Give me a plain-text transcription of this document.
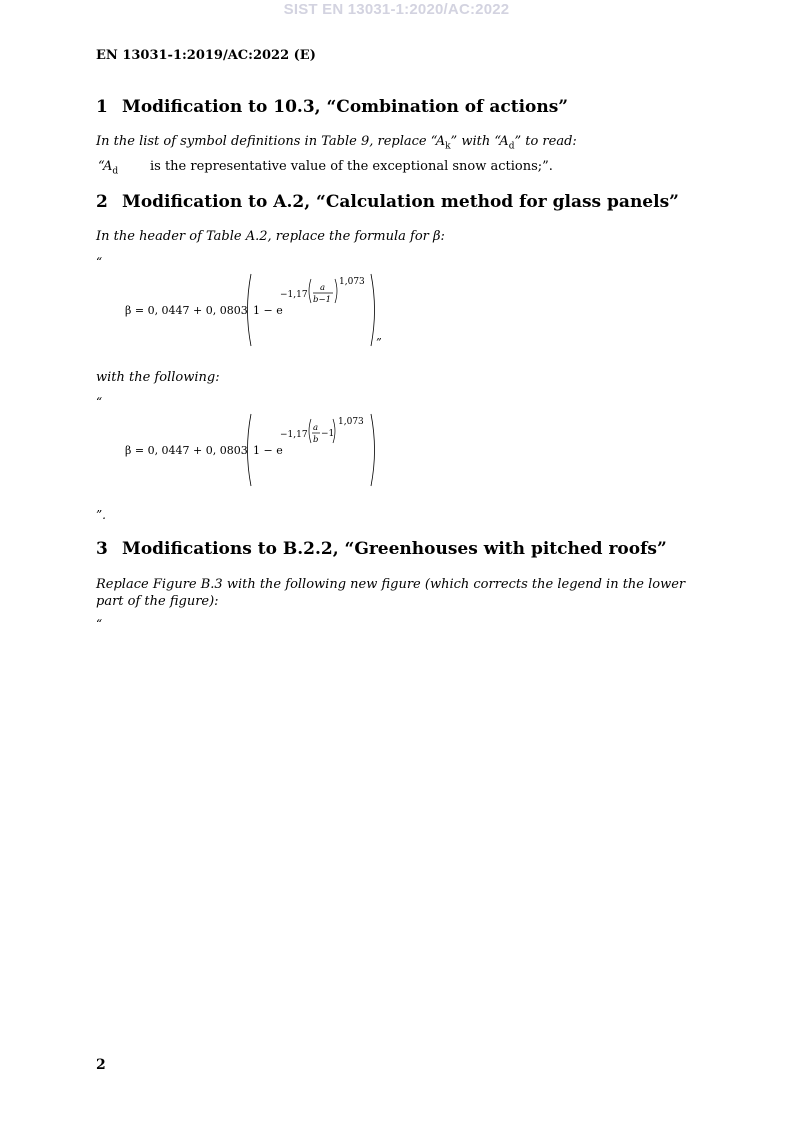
SIST EN 13031-1:2020/AC:2022
EN 13031-1:2019/AC:2022 (E)
1 Modification to 10.3, “Combination of actions”
In the list of symbol definitions in Table 9, replace “$A_k$” with “$A_d$” to read:
“$A_d$ is the representative value of the exceptional snow actions;”.
2 Modification to A.2, “Calculation method for glass panels”
In the header of Table A.2, replace the formula for β:
“
β = 0, 0447 + 0, 0803 1 − e
−1,17
a
b−1
1,073
”
with the following:
“
β = 0, 0447 + 0, 0803 1 − e
−1,17
a
b
−1
1,073
”.
3 Modifications to B.2.2, “Greenhouses with pitched roofs”
Replace Figure B.3 with the following new figure (which corrects the legend in the lower part of the figure):
“
2
